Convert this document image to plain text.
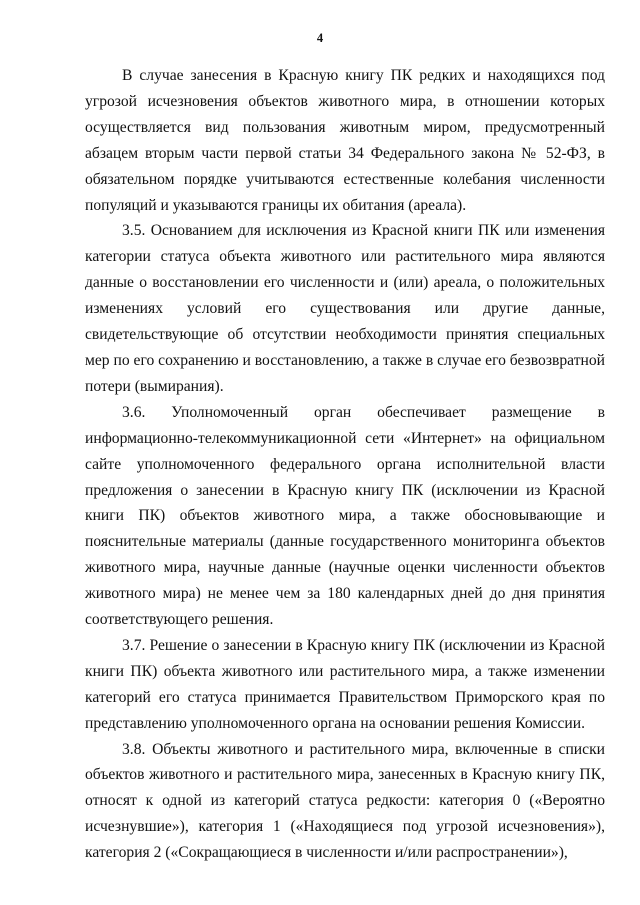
4

В случае занесения в Красную книгу ПК редких и находящихся под угрозой исчезновения объектов животного мира, в отношении которых осуществляется вид пользования животным миром, предусмотренный абзацем вторым части первой статьи 34 Федерального закона № 52-ФЗ, в обязательном порядке учитываются естественные колебания численности популяций и указываются границы их обитания (ареала).

3.5. Основанием для исключения из Красной книги ПК или изменения категории статуса объекта животного или растительного мира являются данные о восстановлении его численности и (или) ареала, о положительных изменениях условий его существования или другие данные, свидетельствующие об отсутствии необходимости принятия специальных мер по его сохранению и восстановлению, а также в случае его безвозвратной потери (вымирания).

3.6. Уполномоченный орган обеспечивает размещение в информационно-телекоммуникационной сети «Интернет» на официальном сайте уполномоченного федерального органа исполнительной власти предложения о занесении в Красную книгу ПК (исключении из Красной книги ПК) объектов животного мира, а также обосновывающие и пояснительные материалы (данные государственного мониторинга объектов животного мира, научные данные (научные оценки численности объектов животного мира) не менее чем за 180 календарных дней до дня принятия соответствующего решения.

3.7. Решение о занесении в Красную книгу ПК (исключении из Красной книги ПК) объекта животного или растительного мира, а также изменении категорий его статуса принимается Правительством Приморского края по представлению уполномоченного органа на основании решения Комиссии.

3.8. Объекты животного и растительного мира, включенные в списки объектов животного и растительного мира, занесенных в Красную книгу ПК, относят к одной из категорий статуса редкости: категория 0 («Вероятно исчезнувшие»), категория 1 («Находящиеся под угрозой исчезновения»), категория 2 («Сокращающиеся в численности и/или распространении»),
